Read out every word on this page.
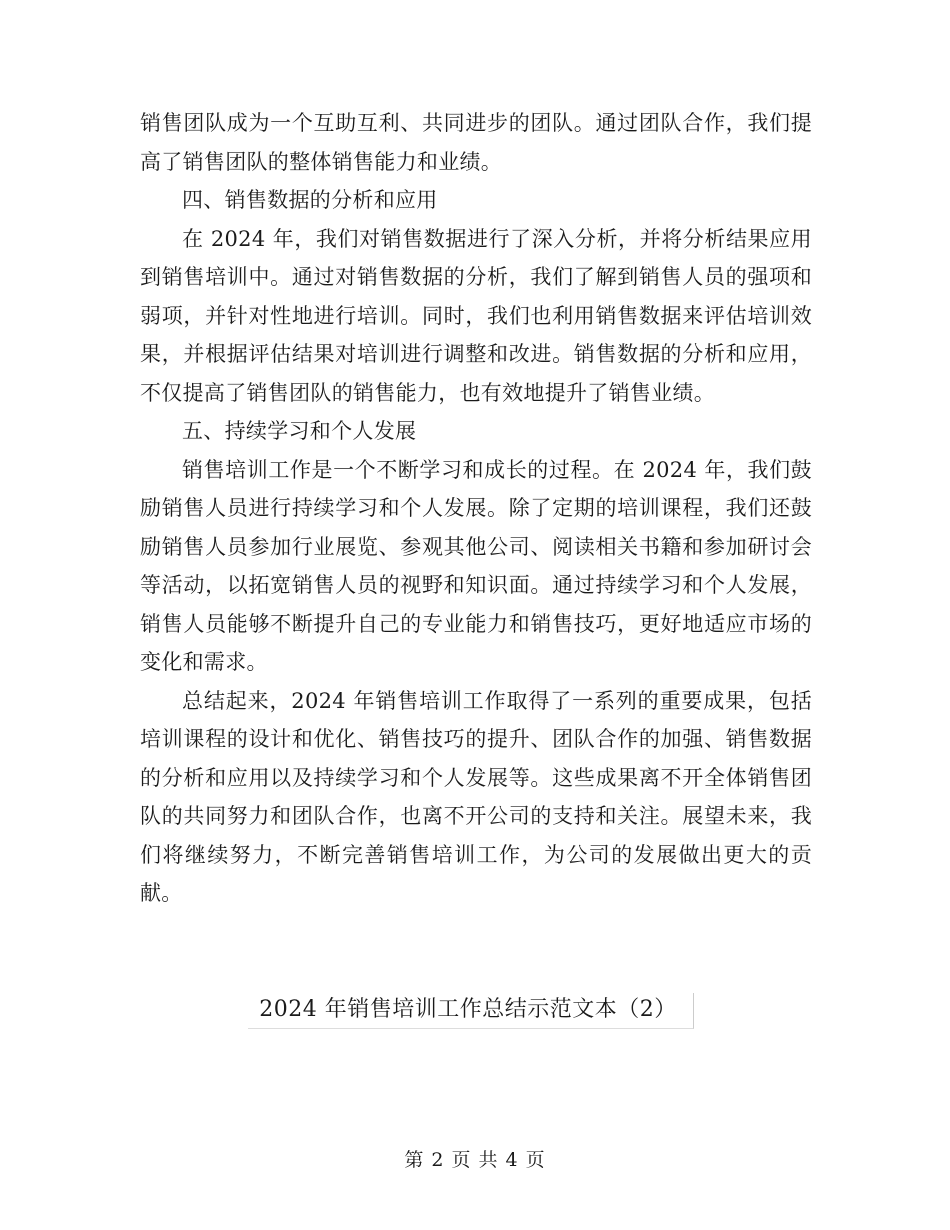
销售团队成为一个互助互利、共同进步的团队。通过团队合作，我们提高了销售团队的整体销售能力和业绩。

四、销售数据的分析和应用

在 2024 年，我们对销售数据进行了深入分析，并将分析结果应用到销售培训中。通过对销售数据的分析，我们了解到销售人员的强项和弱项，并针对性地进行培训。同时，我们也利用销售数据来评估培训效果，并根据评估结果对培训进行调整和改进。销售数据的分析和应用，不仅提高了销售团队的销售能力，也有效地提升了销售业绩。

五、持续学习和个人发展

销售培训工作是一个不断学习和成长的过程。在 2024 年，我们鼓励销售人员进行持续学习和个人发展。除了定期的培训课程，我们还鼓励销售人员参加行业展览、参观其他公司、阅读相关书籍和参加研讨会等活动，以拓宽销售人员的视野和知识面。通过持续学习和个人发展，销售人员能够不断提升自己的专业能力和销售技巧，更好地适应市场的变化和需求。

总结起来，2024 年销售培训工作取得了一系列的重要成果，包括培训课程的设计和优化、销售技巧的提升、团队合作的加强、销售数据的分析和应用以及持续学习和个人发展等。这些成果离不开全体销售团队的共同努力和团队合作，也离不开公司的支持和关注。展望未来，我们将继续努力，不断完善销售培训工作，为公司的发展做出更大的贡献。

2024 年销售培训工作总结示范文本（2）

第 2 页 共 4 页
